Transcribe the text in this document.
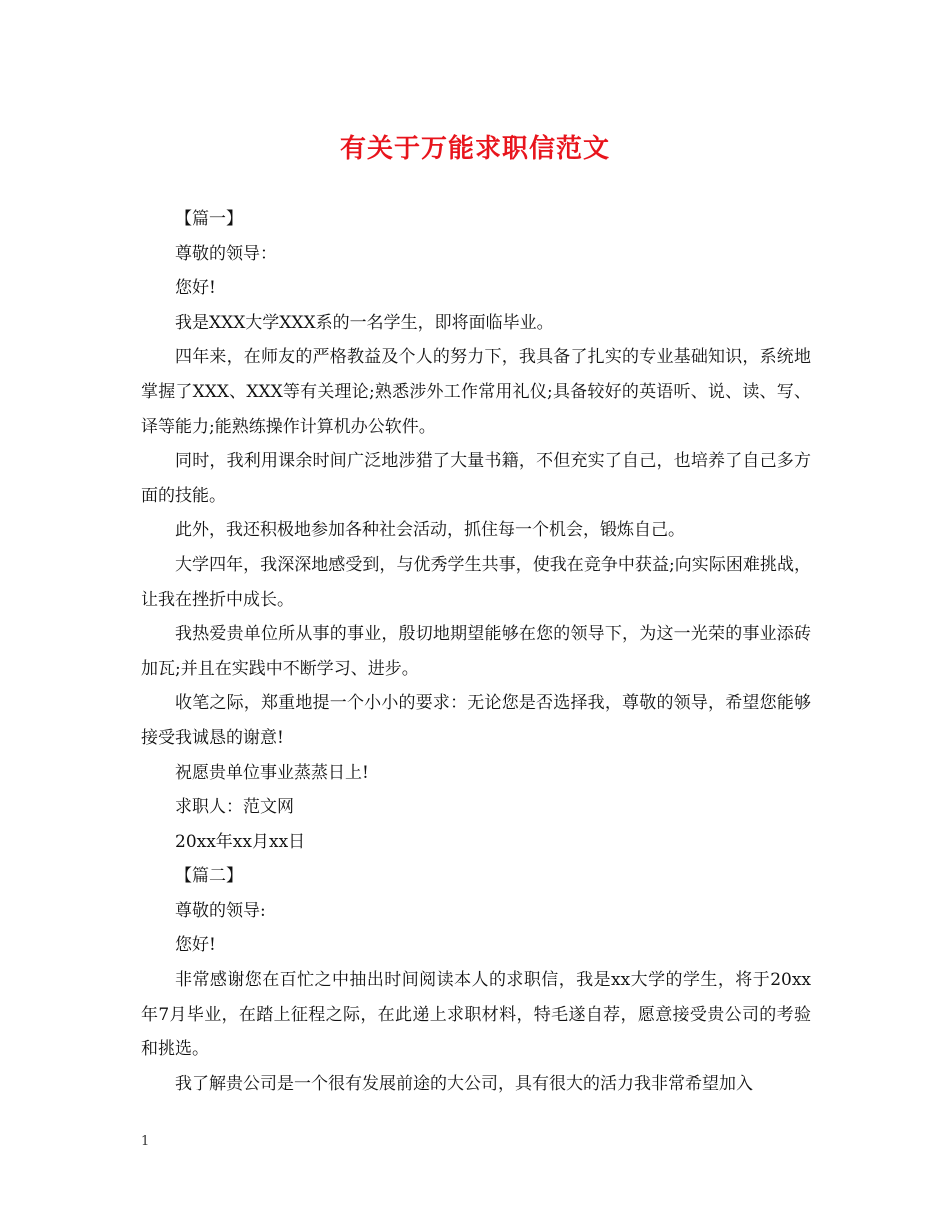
有关于万能求职信范文

【篇一】

尊敬的领导：

您好!

我是XXX大学XXX系的一名学生，即将面临毕业。

四年来，在师友的严格教益及个人的努力下，我具备了扎实的专业基础知识，系统地掌握了XXX、XXX等有关理论;熟悉涉外工作常用礼仪;具备较好的英语听、说、读、写、译等能力;能熟练操作计算机办公软件。

同时，我利用课余时间广泛地涉猎了大量书籍，不但充实了自己，也培养了自己多方面的技能。

此外，我还积极地参加各种社会活动，抓住每一个机会，锻炼自己。

大学四年，我深深地感受到，与优秀学生共事，使我在竞争中获益;向实际困难挑战，让我在挫折中成长。

我热爱贵单位所从事的事业，殷切地期望能够在您的领导下，为这一光荣的事业添砖加瓦;并且在实践中不断学习、进步。

收笔之际，郑重地提一个小小的要求：无论您是否选择我，尊敬的领导，希望您能够接受我诚恳的谢意!

祝愿贵单位事业蒸蒸日上!

求职人：范文网

20xx年xx月xx日

【篇二】

尊敬的领导:

您好!

非常感谢您在百忙之中抽出时间阅读本人的求职信，我是xx大学的学生，将于20xx年7月毕业，在踏上征程之际，在此递上求职材料，特毛遂自荐，愿意接受贵公司的考验和挑选。

我了解贵公司是一个很有发展前途的大公司，具有很大的活力我非常希望加入

1
